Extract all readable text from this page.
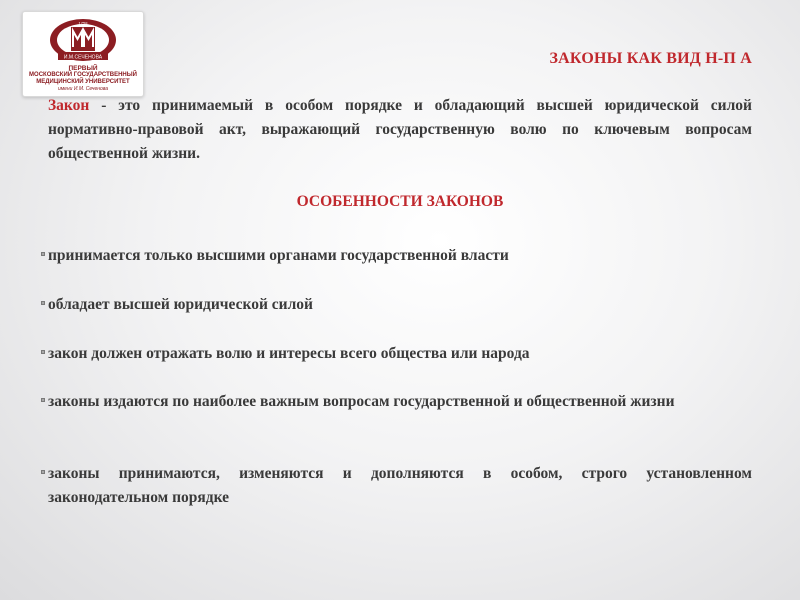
И.М.СЕЧЕНОВА
1758
ПЕРВЫЙ
МОСКОВСКИЙ ГОСУДАРСТВЕННЫЙ
МЕДИЦИНСКИЙ УНИВЕРСИТЕТ
имени И.М. Сеченова
ЗАКОНЫ КАК ВИД Н-П А
Закон - это принимаемый в особом порядке и обладающий высшей юридической силой нормативно-правовой акт, выражающий государственную волю по ключевым вопросам общественной жизни.
ОСОБЕННОСТИ ЗАКОНОВ
принимается только высшими органами государственной власти
обладает высшей юридической силой
закон должен отражать волю и интересы всего общества или народа
законы издаются по наиболее важным вопросам государственной и общественной жизни
законы принимаются, изменяются и дополняются в особом, строго установленном законодательном порядке
